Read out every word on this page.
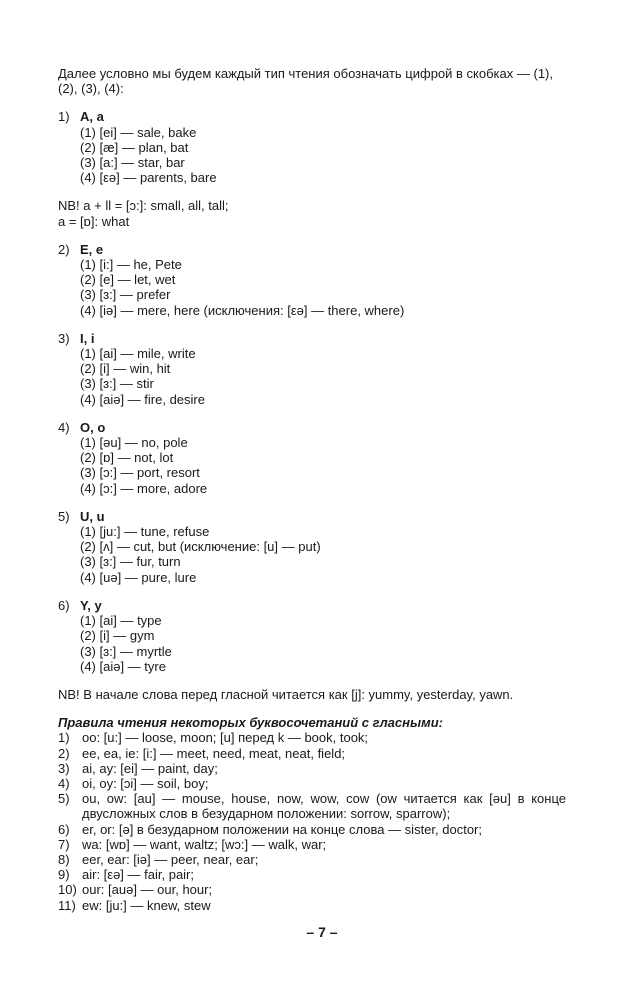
Далее условно мы будем каждый тип чтения обозначать цифрой в скобках — (1), (2), (3), (4):

1) A, a
(1) [ei] — sale, bake
(2) [æ] — plan, bat
(3) [a:] — star, bar
(4) [εə] — parents, bare
NB! a + ll = [ɔ:]: small, all, tall;
a = [ɒ]: what
2) E, e
(1) [i:] — he, Pete
(2) [e] — let, wet
(3) [ɜ:] — prefer
(4) [iə] — mere, here (исключения: [εə] — there, where)
3) I, i
(1) [ai] — mile, write
(2) [i] — win, hit
(3) [ɜ:] — stir
(4) [aiə] — fire, desire
4) O, o
(1) [əu] — no, pole
(2) [ɒ] — not, lot
(3) [ɔ:] — port, resort
(4) [ɔ:] — more, adore
5) U, u
(1) [ju:] — tune, refuse
(2) [ʌ] — cut, but (исключение: [u] — put)
(3) [ɜ:] — fur, turn
(4) [uə] — pure, lure
6) Y, y
(1) [ai] — type
(2) [i] — gym
(3) [ɜ:] — myrtle
(4) [aiə] — tyre
NB! В начале слова перед гласной читается как [j]: yummy, yesterday, yawn.
Правила чтения некоторых буквосочетаний с гласными:
1) oo: [u:] — loose, moon; [u] перед k — book, took;
2) ee, ea, ie: [i:] — meet, need, meat, neat, field;
3) ai, ay: [ei] — paint, day;
4) oi, oy: [ɔi] — soil, boy;
5) ou, ow: [au] — mouse, house, now, wow, cow (ow читается как [əu] в конце двусложных слов в безударном положении: sorrow, sparrow);
6) er, or: [ə] в безударном положении на конце слова — sister, doctor;
7) wa: [wɒ] — want, waltz; [wɔ:] — walk, war;
8) eer, ear: [iə] — peer, near, ear;
9) air: [εə] — fair, pair;
10) our: [auə] — our, hour;
11) ew: [ju:] — knew, stew
– 7 –
